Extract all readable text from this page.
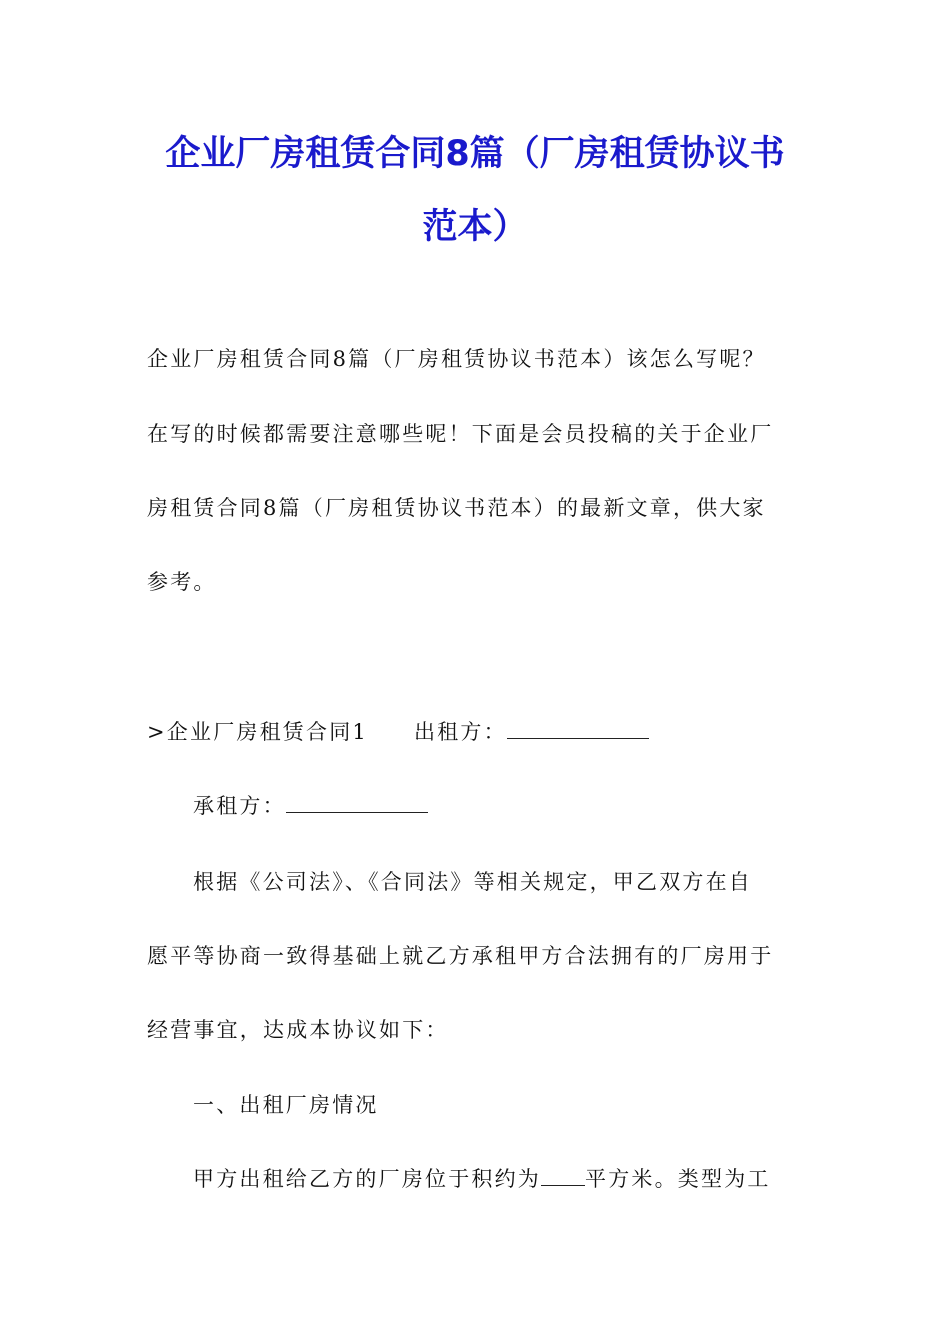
企业厂房租赁合同8篇（厂房租赁协议书
范本）
企业厂房租赁合同8篇（厂房租赁协议书范本）该怎么写呢？
在写的时候都需要注意哪些呢！下面是会员投稿的关于企业厂
房租赁合同8篇（厂房租赁协议书范本）的最新文章，供大家
参考。
>企业厂房租赁合同1 出租方：
承租方：
根据《公司法》、《合同法》等相关规定，甲乙双方在自
愿平等协商一致得基础上就乙方承租甲方合法拥有的厂房用于
经营事宜，达成本协议如下：
一、出租厂房情况
甲方出租给乙方的厂房位于积约为 平方米。类型为工
